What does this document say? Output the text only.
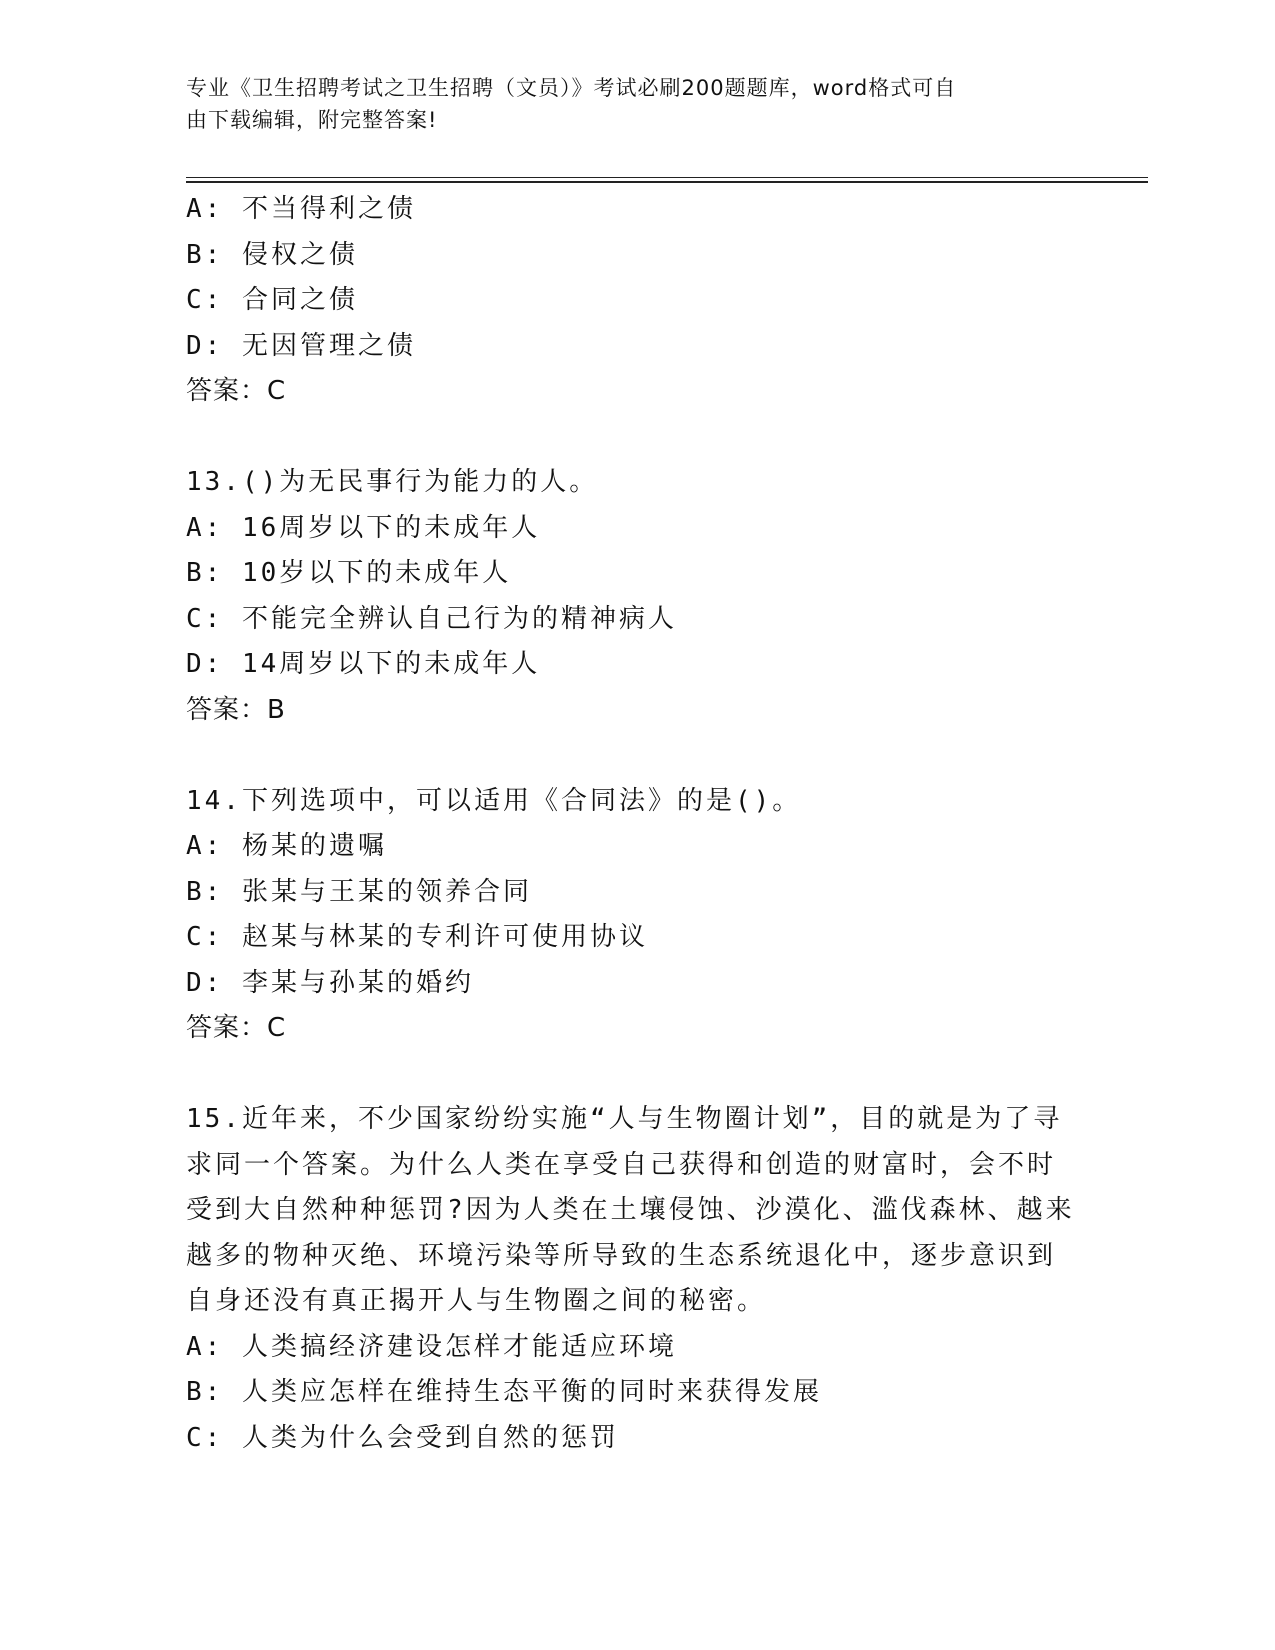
专业《卫生招聘考试之卫生招聘（文员）》考试必刷200题题库，word格式可自
由下载编辑，附完整答案!
A: 不当得利之债
B: 侵权之债
C: 合同之债
D: 无因管理之债
答案：C
13.()为无民事行为能力的人。
A: 16周岁以下的未成年人
B: 10岁以下的未成年人
C: 不能完全辨认自己行为的精神病人
D: 14周岁以下的未成年人
答案：B
14.下列选项中，可以适用《合同法》的是()。
A: 杨某的遗嘱
B: 张某与王某的领养合同
C: 赵某与林某的专利许可使用协议
D: 李某与孙某的婚约
答案：C
15.近年来，不少国家纷纷实施“人与生物圈计划”，目的就是为了寻
求同一个答案。为什么人类在享受自己获得和创造的财富时，会不时
受到大自然种种惩罚?因为人类在土壤侵蚀、沙漠化、滥伐森林、越来
越多的物种灭绝、环境污染等所导致的生态系统退化中，逐步意识到
自身还没有真正揭开人与生物圈之间的秘密。
A: 人类搞经济建设怎样才能适应环境
B: 人类应怎样在维持生态平衡的同时来获得发展
C: 人类为什么会受到自然的惩罚
